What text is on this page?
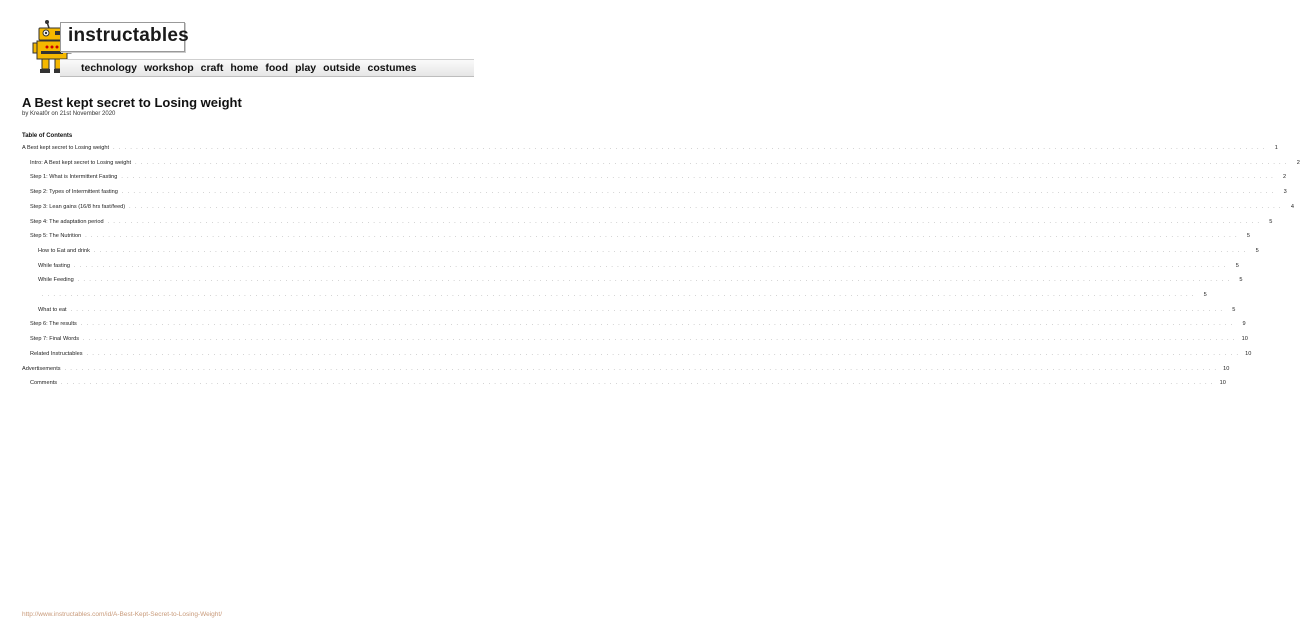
instructables
technology workshop craft home food play outside costumes
A Best kept secret to Losing weight
by Kreat0r on 21st November 2020
Table of Contents
A Best kept secret to Losing weight . . . . . . . . . . . . . . . . . . . . . . . . . . . . . . . . . . . . . . . . . . . . . . . . . . . . . . . . . . . . . . . . . . . . . . . . . . . . . . . . . . . . . . . . . . . . . . . . . . . . . . . . . . . . . . . . . . . . . . . . . . . . . . . . . . . . . . . . . . . . . . . . . . . . . . . . . . . . . . . . . . . . . . . . . . . . . . . . . . . . . . . . . . . . . . . . . . . . . . . .	1
Intro: A Best kept secret to Losing weight . . . . . . . . . . . . . . . . . . . . . . . . . . . . . . . . . . . . . . . . . . . . . . . . . . . . . . . . . . . . . . . . . . . . . . . . . . . . . . . . . . . . . . . . . . . . . . . . . . . . . . . . . . . . . . . . . . . . . . . . . . . . . . . . . . . . . . . . . . . . . . . . . . . . . . . . . . . . . . . . . . . . . . . . . . . . . . . . . . . . . . . . . . . . . . . . . . . . . . . .	2
Step 1: What is Intermittent Fasting . . . . . . . . . . . . . . . . . . . . . . . . . . . . . . . . . . . . . . . . . . . . . . . . . . . . . . . . . . . . . . . . . . . . . . . . . . . . . . . . . . . . . . . . . . . . . . . . . . . . . . . . . . . . . . . . . . . . . . . . . . . . . . . . . . . . . . . . . . . . . . . . . . . . . . . . . . . . . . . . . . . . . . . . . . . . . . . . . . . . . . . . . . . . . . . . . . . . . . . .	2
Step 2: Types of Intermittent fasting . . . . . . . . . . . . . . . . . . . . . . . . . . . . . . . . . . . . . . . . . . . . . . . . . . . . . . . . . . . . . . . . . . . . . . . . . . . . . . . . . . . . . . . . . . . . . . . . . . . . . . . . . . . . . . . . . . . . . . . . . . . . . . . . . . . . . . . . . . . . . . . . . . . . . . . . . . . . . . . . . . . . . . . . . . . . . . . . . . . . . . . . . . . . . . . . . . . . . . . .	3
Step 3: Lean gains (16/8 hrs fast/feed) . . . . . . . . . . . . . . . . . . . . . . . . . . . . . . . . . . . . . . . . . . . . . . . . . . . . . . . . . . . . . . . . . . . . . . . . . . . . . . . . . . . . . . . . . . . . . . . . . . . . . . . . . . . . . . . . . . . . . . . . . . . . . . . . . . . . . . . . . . . . . . . . . . . . . . . . . . . . . . . . . . . . . . . . . . . . . . . . . . . . . . . . . . . . . . . . . . . . . . . .	4
Step 4: The adaptation period . . . . . . . . . . . . . . . . . . . . . . . . . . . . . . . . . . . . . . . . . . . . . . . . . . . . . . . . . . . . . . . . . . . . . . . . . . . . . . . . . . . . . . . . . . . . . . . . . . . . . . . . . . . . . . . . . . . . . . . . . . . . . . . . . . . . . . . . . . . . . . . . . . . . . . . . . . . . . . . . . . . . . . . . . . . . . . . . . . . . . . . . . . . . . . . . . . . . . . . .	5
Step 5: The Nutrition . . . . . . . . . . . . . . . . . . . . . . . . . . . . . . . . . . . . . . . . . . . . . . . . . . . . . . . . . . . . . . . . . . . . . . . . . . . . . . . . . . . . . . . . . . . . . . . . . . . . . . . . . . . . . . . . . . . . . . . . . . . . . . . . . . . . . . . . . . . . . . . . . . . . . . . . . . . . . . . . . . . . . . . . . . . . . . . . . . . . . . . . . . . . . . . . . . . . . . . .	5
How to Eat and drink . . . . . . . . . . . . . . . . . . . . . . . . . . . . . . . . . . . . . . . . . . . . . . . . . . . . . . . . . . . . . . . . . . . . . . . . . . . . . . . . . . . . . . . . . . . . . . . . . . . . . . . . . . . . . . . . . . . . . . . . . . . . . . . . . . . . . . . . . . . . . . . . . . . . . . . . . . . . . . . . . . . . . . . . . . . . . . . . . . . . . . . . . . . . . . . . . . . . . . . .	5
While fasting . . . . . . . . . . . . . . . . . . . . . . . . . . . . . . . . . . . . . . . . . . . . . . . . . . . . . . . . . . . . . . . . . . . . . . . . . . . . . . . . . . . . . . . . . . . . . . . . . . . . . . . . . . . . . . . . . . . . . . . . . . . . . . . . . . . . . . . . . . . . . . . . . . . . . . . . . . . . . . . . . . . . . . . . . . . . . . . . . . . . . . . . . . . . . . . . . . . . . . . .	5
While Feeding . . . . . . . . . . . . . . . . . . . . . . . . . . . . . . . . . . . . . . . . . . . . . . . . . . . . . . . . . . . . . . . . . . . . . . . . . . . . . . . . . . . . . . . . . . . . . . . . . . . . . . . . . . . . . . . . . . . . . . . . . . . . . . . . . . . . . . . . . . . . . . . . . . . . . . . . . . . . . . . . . . . . . . . . . . . . . . . . . . . . . . . . . . . . . . . . . . . . . . . .	5
. . . . . . . . . . . . . . . . . . . . . . . . . . . . . . . . . . . . . . . . . . . . . . . . . . . . . . . . . . . . . . . . . . . . . . . . . . . . . . . . . . . . . . . . . . . . . . . . . . . . . . . . . . . . . . . . . . . . . . . . . . . . . . . . . . . . . . . . . . . . . . . . . . . . . . . . . . . . . . . . . . . . . . . . . . . . . . . . . . . . . . . . . . . . . . . . . . . . . . . .	5
What to eat . . . . . . . . . . . . . . . . . . . . . . . . . . . . . . . . . . . . . . . . . . . . . . . . . . . . . . . . . . . . . . . . . . . . . . . . . . . . . . . . . . . . . . . . . . . . . . . . . . . . . . . . . . . . . . . . . . . . . . . . . . . . . . . . . . . . . . . . . . . . . . . . . . . . . . . . . . . . . . . . . . . . . . . . . . . . . . . . . . . . . . . . . . . . . . . . . . . . . . . .	5
Step 6: The results . . . . . . . . . . . . . . . . . . . . . . . . . . . . . . . . . . . . . . . . . . . . . . . . . . . . . . . . . . . . . . . . . . . . . . . . . . . . . . . . . . . . . . . . . . . . . . . . . . . . . . . . . . . . . . . . . . . . . . . . . . . . . . . . . . . . . . . . . . . . . . . . . . . . . . . . . . . . . . . . . . . . . . . . . . . . . . . . . . . . . . . . . . . . . . . . . . . . . . . .	9
Step 7: Final Words . . . . . . . . . . . . . . . . . . . . . . . . . . . . . . . . . . . . . . . . . . . . . . . . . . . . . . . . . . . . . . . . . . . . . . . . . . . . . . . . . . . . . . . . . . . . . . . . . . . . . . . . . . . . . . . . . . . . . . . . . . . . . . . . . . . . . . . . . . . . . . . . . . . . . . . . . . . . . . . . . . . . . . . . . . . . . . . . . . . . . . . . . . . . . . . . . . . . . . . .	10
Related Instructables . . . . . . . . . . . . . . . . . . . . . . . . . . . . . . . . . . . . . . . . . . . . . . . . . . . . . . . . . . . . . . . . . . . . . . . . . . . . . . . . . . . . . . . . . . . . . . . . . . . . . . . . . . . . . . . . . . . . . . . . . . . . . . . . . . . . . . . . . . . . . . . . . . . . . . . . . . . . . . . . . . . . . . . . . . . . . . . . . . . . . . . . . . . . . . . . . . . . . . . .	10
Advertisements . . . . . . . . . . . . . . . . . . . . . . . . . . . . . . . . . . . . . . . . . . . . . . . . . . . . . . . . . . . . . . . . . . . . . . . . . . . . . . . . . . . . . . . . . . . . . . . . . . . . . . . . . . . . . . . . . . . . . . . . . . . . . . . . . . . . . . . . . . . . . . . . . . . . . . . . . . . . . . . . . . . . . . . . . . . . . . . . . . . . . . . . . . . . . . . . . . . . . . . .	10
Comments . . . . . . . . . . . . . . . . . . . . . . . . . . . . . . . . . . . . . . . . . . . . . . . . . . . . . . . . . . . . . . . . . . . . . . . . . . . . . . . . . . . . . . . . . . . . . . . . . . . . . . . . . . . . . . . . . . . . . . . . . . . . . . . . . . . . . . . . . . . . . . . . . . . . . . . . . . . . . . . . . . . . . . . . . . . . . . . . . . . . . . . . . . . . . . . . . . . . . . . .	10
http://www.instructables.com/id/A-Best-Kept-Secret-to-Losing-Weight/
